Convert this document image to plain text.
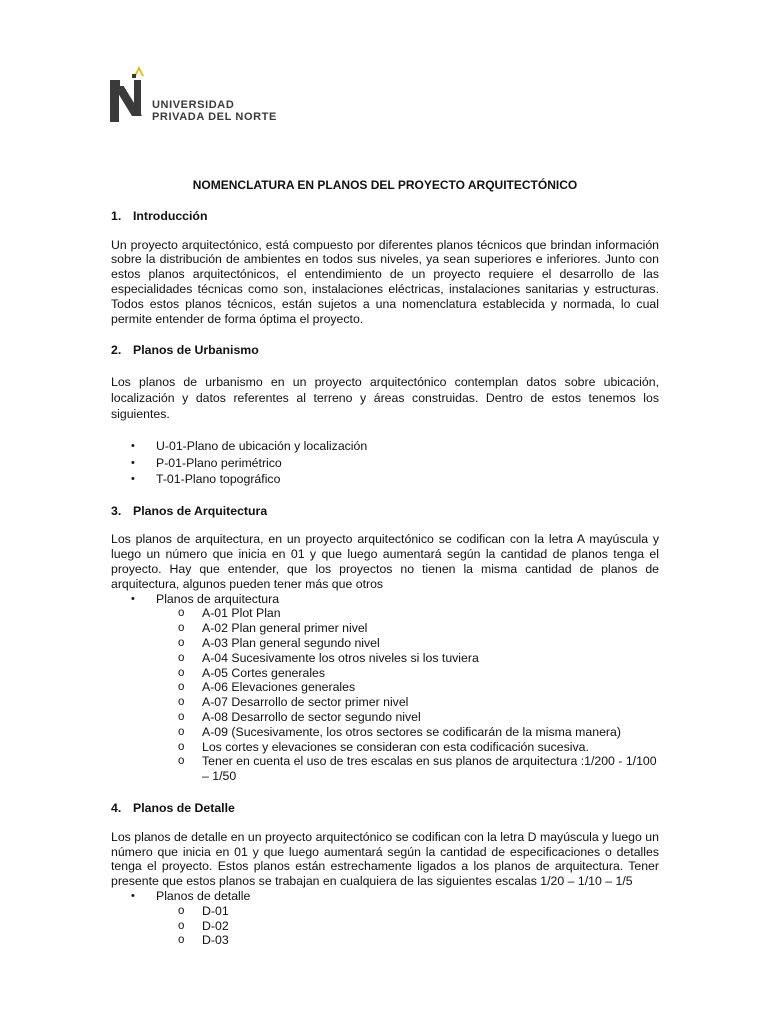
UNIVERSIDAD
PRIVADA DEL NORTE

NOMENCLATURA EN PLANOS DEL PROYECTO ARQUITECTÓNICO

1. Introducción

Un proyecto arquitectónico, está compuesto por diferentes planos técnicos que brindan información sobre la distribución de ambientes en todos sus niveles, ya sean superiores e inferiores. Junto con estos planos arquitectónicos, el entendimiento de un proyecto requiere el desarrollo de las especialidades técnicas como son, instalaciones eléctricas, instalaciones sanitarias y estructuras. Todos estos planos técnicos, están sujetos a una nomenclatura establecida y normada, lo cual permite entender de forma óptima el proyecto.

2. Planos de Urbanismo

Los planos de urbanismo en un proyecto arquitectónico contemplan datos sobre ubicación, localización y datos referentes al terreno y áreas construidas. Dentro de estos tenemos los siguientes.

• U-01-Plano de ubicación y localización
• P-01-Plano perimétrico
• T-01-Plano topográfico
3. Planos de Arquitectura

Los planos de arquitectura, en un proyecto arquitectónico se codifican con la letra A mayúscula y luego un número que inicia en 01 y que luego aumentará según la cantidad de planos tenga el proyecto. Hay que entender, que los proyectos no tienen la misma cantidad de planos de arquitectura, algunos pueden tener más que otros

• Planos de arquitectura
o A-01 Plot Plan
o A-02 Plan general primer nivel
o A-03 Plan general segundo nivel
o A-04 Sucesivamente los otros niveles si los tuviera
o A-05 Cortes generales
o A-06 Elevaciones generales
o A-07 Desarrollo de sector primer nivel
o A-08 Desarrollo de sector segundo nivel
o A-09 (Sucesivamente, los otros sectores se codificarán de la misma manera)
o Los cortes y elevaciones se consideran con esta codificación sucesiva.
o Tener en cuenta el uso de tres escalas en sus planos de arquitectura :1/200 - 1/100 – 1/50
4. Planos de Detalle

Los planos de detalle en un proyecto arquitectónico se codifican con la letra D mayúscula y luego un número que inicia en 01 y que luego aumentará según la cantidad de especificaciones o detalles tenga el proyecto. Estos planos están estrechamente ligados a los planos de arquitectura. Tener presente que estos planos se trabajan en cualquiera de las siguientes escalas 1/20 – 1/10 – 1/5

• Planos de detalle
o D-01
o D-02
o D-03
